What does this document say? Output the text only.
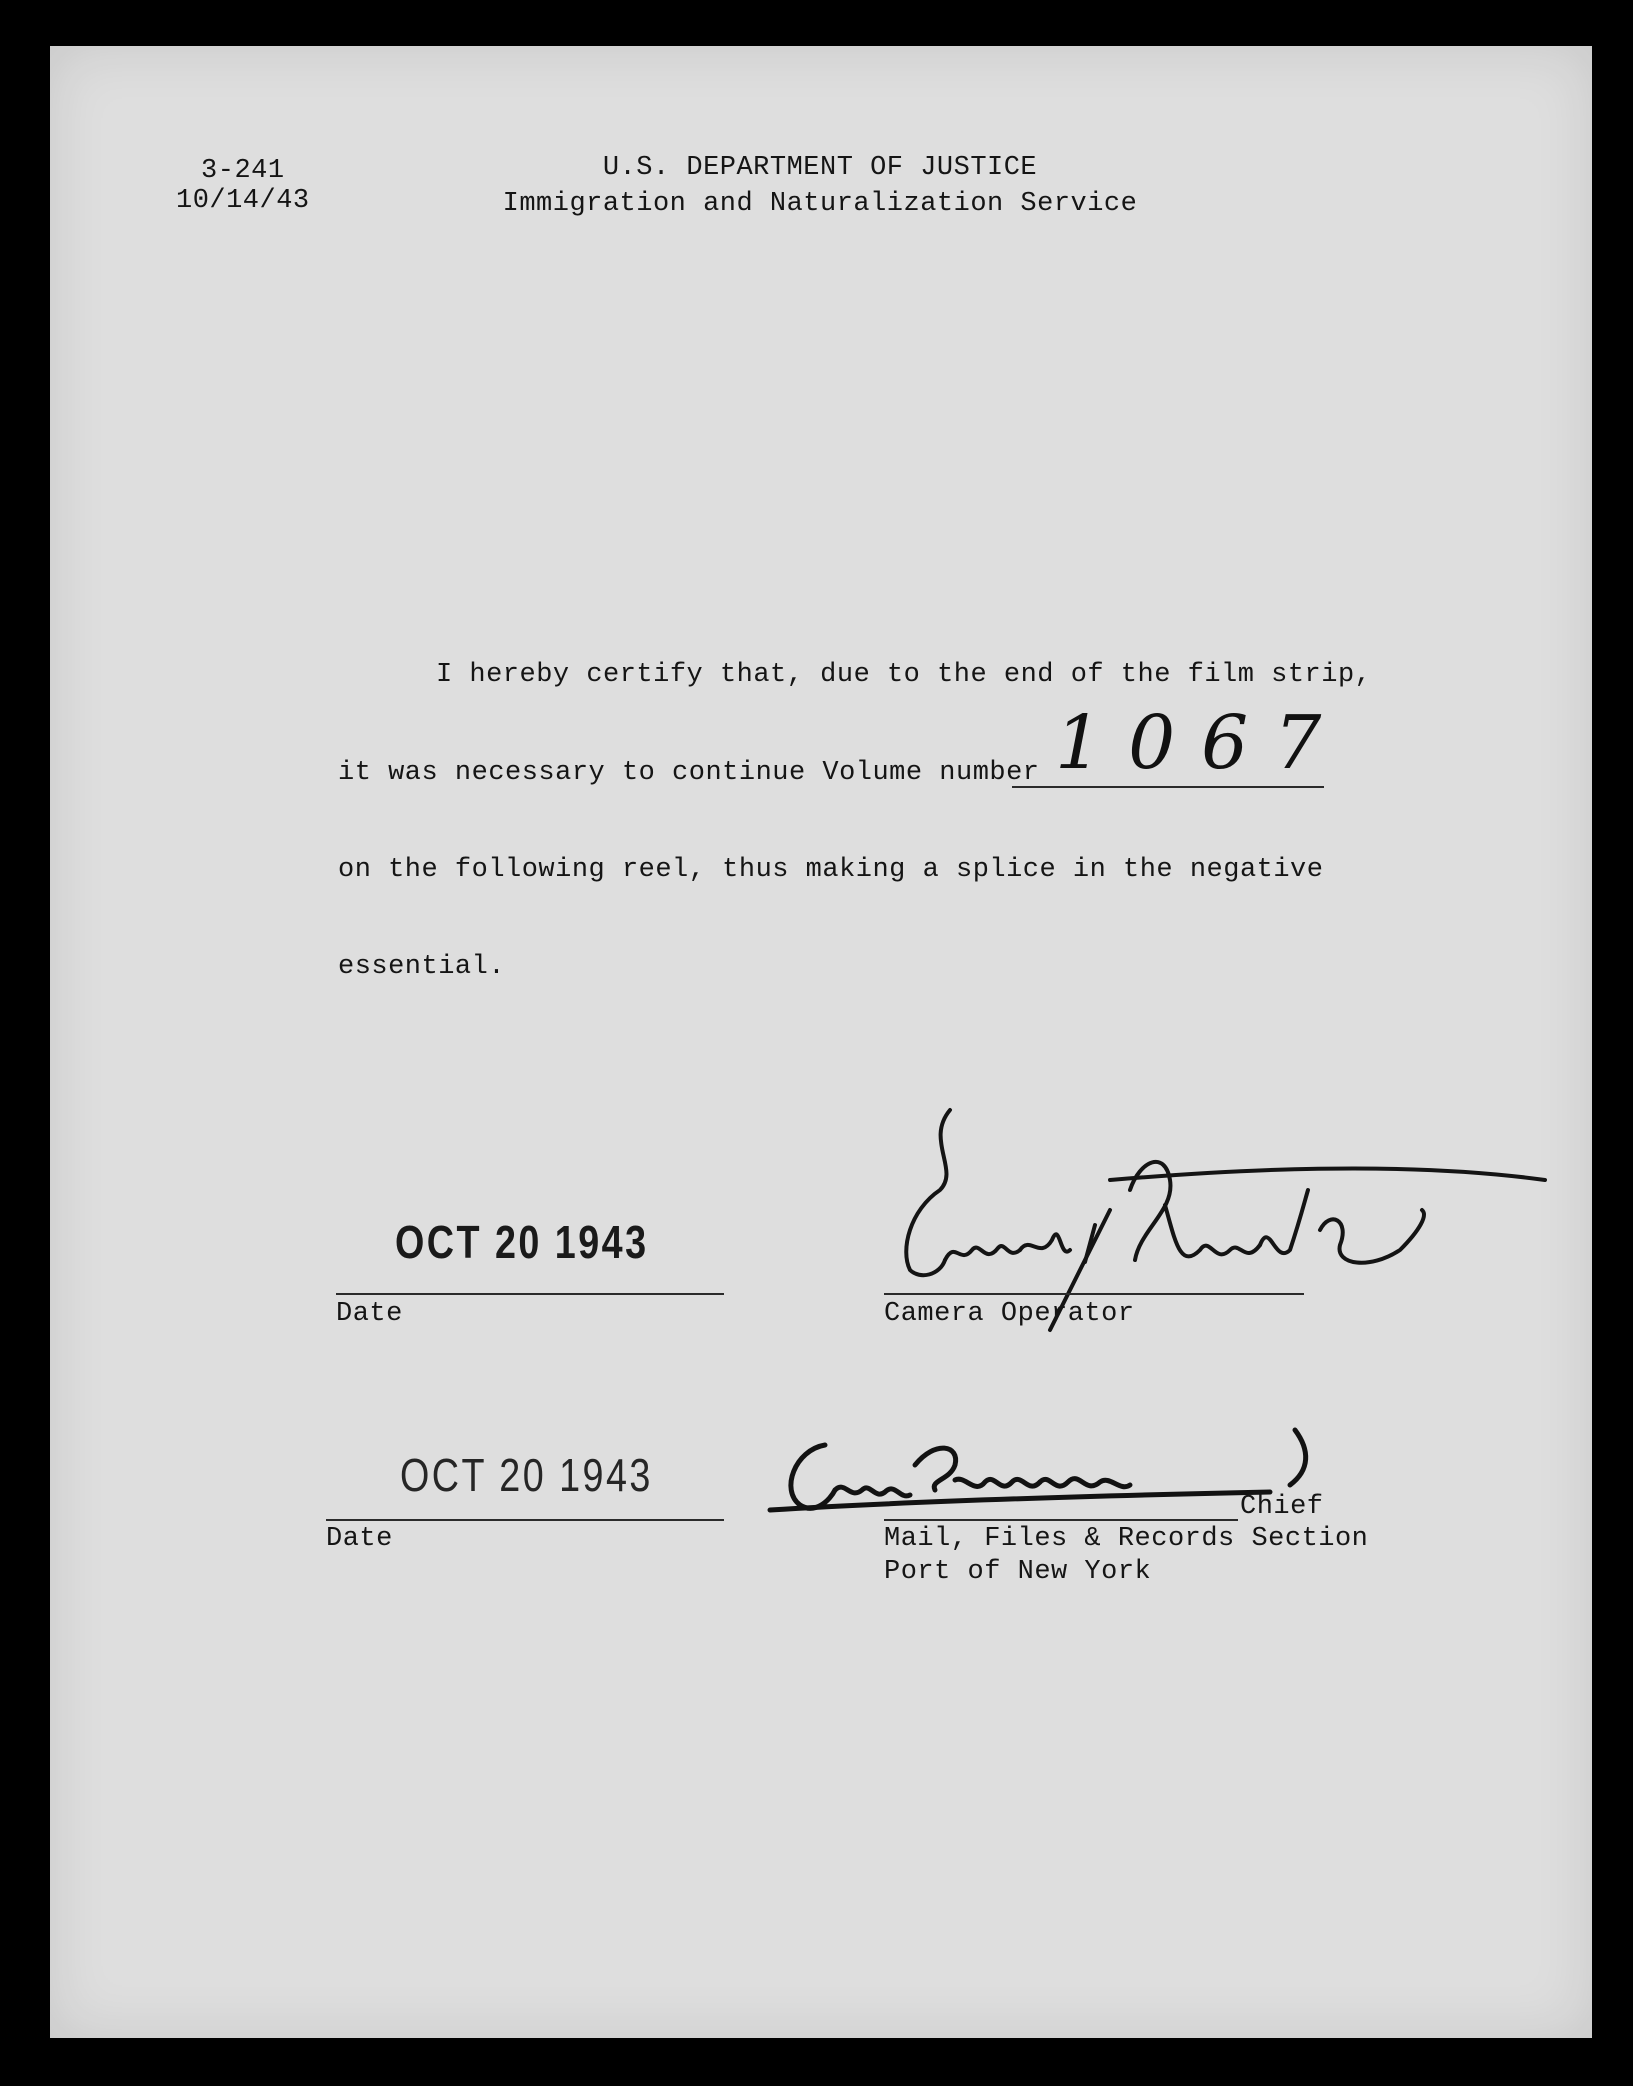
3-241
10/14/43
U.S. DEPARTMENT OF JUSTICE
Immigration and Naturalization Service
I hereby certify that, due to the end of the film strip,
it was necessary to continue Volume number 1067
on the following reel, thus making a splice in the negative
essential.
OCT 20 1943
Date	Camera Operator
OCT 20 1943
Date
Chief
Mail, Files & Records Section
Port of New York
